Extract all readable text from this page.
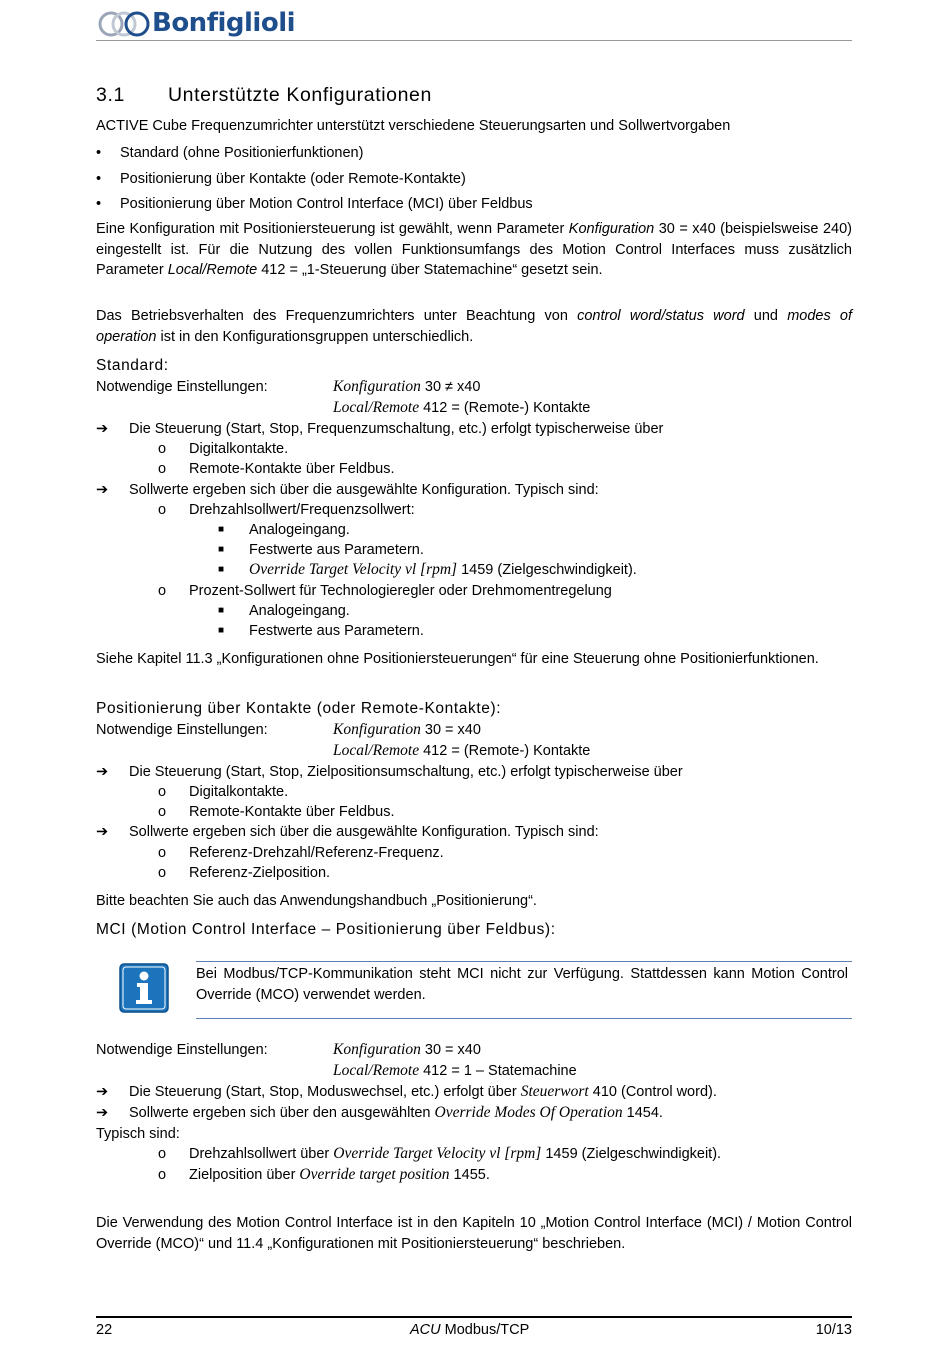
Bonfiglioli
3.1 Unterstützte Konfigurationen
ACTIVE Cube Frequenzumrichter unterstützt verschiedene Steuerungsarten und Sollwertvorgaben
• Standard (ohne Positionierfunktionen)
• Positionierung über Kontakte (oder Remote-Kontakte)
• Positionierung über Motion Control Interface (MCI) über Feldbus
Eine Konfiguration mit Positioniersteuerung ist gewählt, wenn Parameter Konfiguration 30 = x40 (beispielsweise 240) eingestellt ist. Für die Nutzung des vollen Funktionsumfangs des Motion Control Interfaces muss zusätzlich Parameter Local/Remote 412 = „1-Steuerung über Statemachine“ gesetzt sein.
Das Betriebsverhalten des Frequenzumrichters unter Beachtung von control word/status word und modes of operation ist in den Konfigurationsgruppen unterschiedlich.
Standard:
Notwendige Einstellungen:	Konfiguration 30 ≠ x40
Local/Remote 412 = (Remote-) Kontakte
➔ Die Steuerung (Start, Stop, Frequenzumschaltung, etc.) erfolgt typischerweise über
o Digitalkontakte.
o Remote-Kontakte über Feldbus.
➔ Sollwerte ergeben sich über die ausgewählte Konfiguration. Typisch sind:
o Drehzahlsollwert/Frequenzsollwert:
■ Analogeingang.
■ Festwerte aus Parametern.
■ Override Target Velocity vl [rpm] 1459 (Zielgeschwindigkeit).
o Prozent-Sollwert für Technologieregler oder Drehmomentregelung
■ Analogeingang.
■ Festwerte aus Parametern.
Siehe Kapitel 11.3 „Konfigurationen ohne Positioniersteuerungen“ für eine Steuerung ohne Positionierfunktionen.
Positionierung über Kontakte (oder Remote-Kontakte):
Notwendige Einstellungen:	Konfiguration 30 = x40
Local/Remote 412 = (Remote-) Kontakte
➔ Die Steuerung (Start, Stop, Zielpositionsumschaltung, etc.) erfolgt typischerweise über
o Digitalkontakte.
o Remote-Kontakte über Feldbus.
➔ Sollwerte ergeben sich über die ausgewählte Konfiguration. Typisch sind:
o Referenz-Drehzahl/Referenz-Frequenz.
o Referenz-Zielposition.
Bitte beachten Sie auch das Anwendungshandbuch „Positionierung“.
MCI (Motion Control Interface – Positionierung über Feldbus):
Bei Modbus/TCP-Kommunikation steht MCI nicht zur Verfügung. Stattdessen kann Motion Control Override (MCO) verwendet werden.
Notwendige Einstellungen:	Konfiguration 30 = x40
Local/Remote 412 = 1 – Statemachine
➔ Die Steuerung (Start, Stop, Moduswechsel, etc.) erfolgt über Steuerwort 410 (Control word).
➔ Sollwerte ergeben sich über den ausgewählten Override Modes Of Operation 1454.
Typisch sind:
o Drehzahlsollwert über Override Target Velocity vl [rpm] 1459 (Zielgeschwindigkeit).
o Zielposition über Override target position 1455.
Die Verwendung des Motion Control Interface ist in den Kapiteln 10 „Motion Control Interface (MCI) / Motion Control Override (MCO)“ und 11.4 „Konfigurationen mit Positioniersteuerung“ beschrieben.
22	ACU Modbus/TCP	10/13
